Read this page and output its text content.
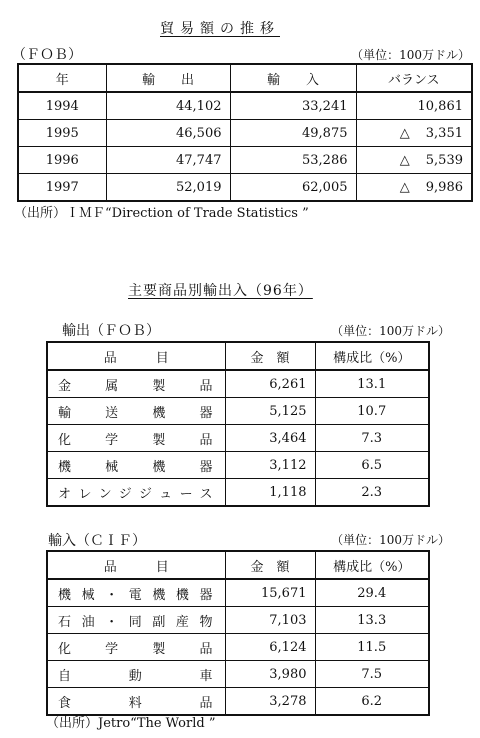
貿易額の推移
（ＦＯＢ）	（単位：100万ドル）
年	輸　　出	輸　　入	バランス
1994	44,102	33,241	10,861
1995	46,506	49,875	△ 3,351
1996	47,747	53,286	△ 5,539
1997	52,019	62,005	△ 9,986
（出所）ＩＭＦ“Direction of Trade Statistics ”
主要商品別輸出入（96年）
輸出（ＦＯＢ）	（単位：100万ドル）
品　　　目	金　額	構成比（%）
金属製品	6,261	13.1
輸送機器	5,125	10.7
化学製品	3,464	7.3
機械機器	3,112	6.5
オレンジジュース	1,118	2.3
輸入（ＣＩＦ）	（単位：100万ドル）
品　　　目	金　額	構成比（%）
機械・電機機器	15,671	29.4
石油・同副産物	7,103	13.3
化学製品	6,124	11.5
自動車	3,980	7.5
食料品	3,278	6.2
（出所）Jetro“The World ”
